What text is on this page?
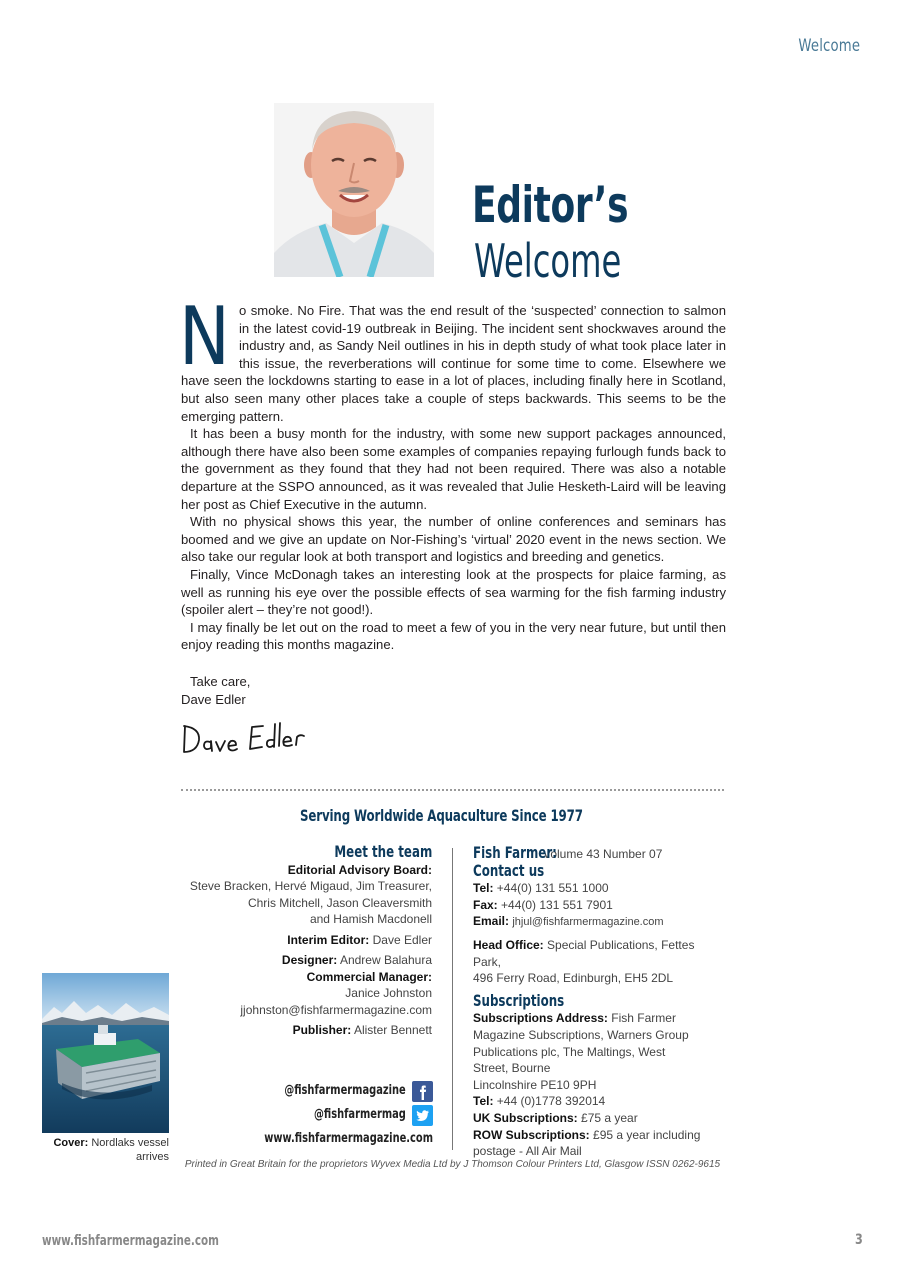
Welcome
Editor’s
Welcome
N o smoke. No Fire. That was the end result of the ‘suspected’ connection to salmon in the latest covid-19 outbreak in Beijing. The incident sent shockwaves around the industry and, as Sandy Neil outlines in his in depth study of what took place later in this issue, the reverberations will continue for some time to come. Elsewhere we have seen the lockdowns starting to ease in a lot of places, including finally here in Scotland, but also seen many other places take a couple of steps backwards. This seems to be the emerging pattern.

It has been a busy month for the industry, with some new support packages announced, although there have also been some examples of companies repaying furlough funds back to the government as they found that they had not been required. There was also a notable departure at the SSPO announced, as it was revealed that Julie Hesketh-Laird will be leaving her post as Chief Executive in the autumn.

With no physical shows this year, the number of online conferences and seminars has boomed and we give an update on Nor-Fishing’s ‘virtual’ 2020 event in the news section. We also take our regular look at both transport and logistics and breeding and genetics.

Finally, Vince McDonagh takes an interesting look at the prospects for plaice farming, as well as running his eye over the possible effects of sea warming for the fish farming industry (spoiler alert – they’re not good!).

I may finally be let out on the road to meet a few of you in the very near future, but until then enjoy reading this months magazine.

Take care,
Dave Edler
Serving Worldwide Aquaculture Since 1977
Meet the team
Editorial Advisory Board:
Steve Bracken, Hervé Migaud, Jim Treasurer,
Chris Mitchell, Jason Cleaversmith
and Hamish Macdonell
Interim Editor: Dave Edler
Designer: Andrew Balahura
Commercial Manager:
Janice Johnston
jjohnston@fishfarmermagazine.com
Publisher: Alister Bennett
Fish Farmer:Volume 43 Number 07
Contact us
Tel: +44(0) 131 551 1000
Fax: +44(0) 131 551 7901
Email: jhjul@fishfarmermagazine.com
Head Office: Special Publications, Fettes Park,
496 Ferry Road, Edinburgh, EH5 2DL
Subscriptions
Subscriptions Address: Fish Farmer
Magazine Subscriptions, Warners Group
Publications plc, The Maltings, West
Street, Bourne
Lincolnshire PE10 9PH
Tel: +44 (0)1778 392014
UK Subscriptions: £75 a year
ROW Subscriptions: £95 a year including
postage - All Air Mail
@fishfarmermagazine
@fishfarmermag
www.fishfarmermagazine.com
Cover: Nordlaks vessel
arrives
Printed in Great Britain for the proprietors Wyvex Media Ltd by J Thomson Colour Printers Ltd, Glasgow ISSN 0262-9615
www.fishfarmermagazine.com	3
